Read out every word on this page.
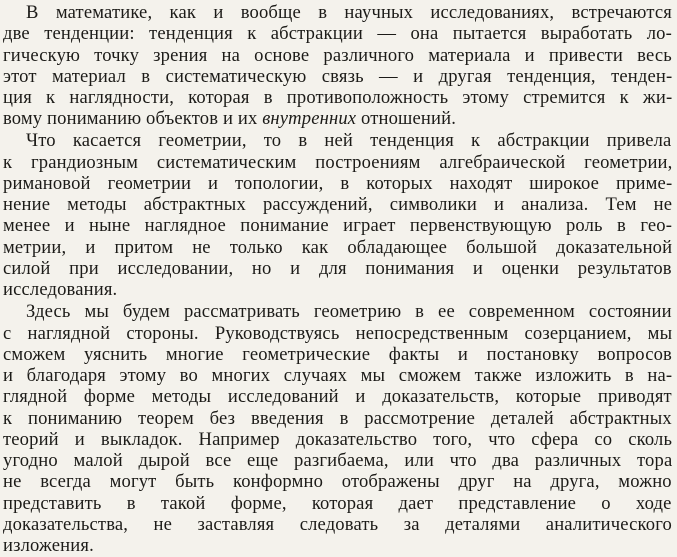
В математике, как и вообще в научных исследованиях, встречаются
две тенденции: тенденция к абстракции — она пытается выработать ло-
гическую точку зрения на основе различного материала и привести весь
этот материал в систематическую связь — и другая тенденция, тенден-
ция к наглядности, которая в противоположность этому стремится к жи-
вому пониманию объектов и их внутренних отношений.
Что касается геометрии, то в ней тенденция к абстракции привела
к грандиозным систематическим построениям алгебраической геометрии,
римановой геометрии и топологии, в которых находят широкое приме-
нение методы абстрактных рассуждений, символики и анализа. Тем не
менее и ныне наглядное понимание играет первенствующую роль в гео-
метрии, и притом не только как обладающее большой доказательной
силой при исследовании, но и для понимания и оценки результатов
исследования.
Здесь мы будем рассматривать геометрию в ее современном состоянии
с наглядной стороны. Руководствуясь непосредственным созерцанием, мы
сможем уяснить многие геометрические факты и постановку вопросов
и благодаря этому во многих случаях мы сможем также изложить в на-
глядной форме методы исследований и доказательств, которые приводят
к пониманию теорем без введения в рассмотрение деталей абстрактных
теорий и выкладок. Например доказательство того, что сфера со сколь
угодно малой дырой все еще разгибаема, или что два различных тора
не всегда могут быть конформно отображены друг на друга, можно
представить в такой форме, которая дает представление о ходе
доказательства, не заставляя следовать за деталями аналитического
изложения.
